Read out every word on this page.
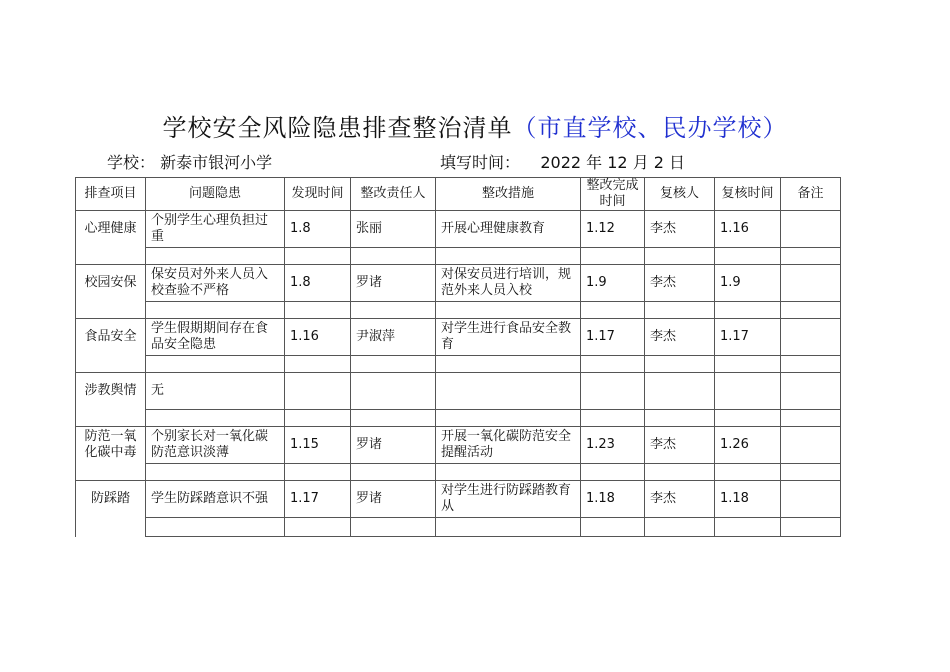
学校安全风险隐患排查整治清单（市直学校、民办学校）
学校： 新泰市银河小学	填写时间： 2022 年 12 月 2 日
排查项目	问题隐患	发现时间	整改责任人	整改措施	整改完成时间	复核人	复核时间	备注
心理健康	个别学生心理负担过重	1.8	张丽	开展心理健康教育	1.12	李杰	1.16	

校园安保	保安员对外来人员入校查验不严格	1.8	罗诸	对保安员进行培训，规范外来人员入校	1.9	李杰	1.9	

食品安全	学生假期期间存在食品安全隐患	1.16	尹淑萍	对学生进行食品安全教育	1.17	李杰	1.17	

涉教舆情	无							

防范一氧化碳中毒	个别家长对一氧化碳防范意识淡薄	1.15	罗诸	开展一氧化碳防范安全提醒活动	1.23	李杰	1.26	

防踩踏	学生防踩踏意识不强	1.17	罗诸	对学生进行防踩踏教育从	1.18	李杰	1.18	
